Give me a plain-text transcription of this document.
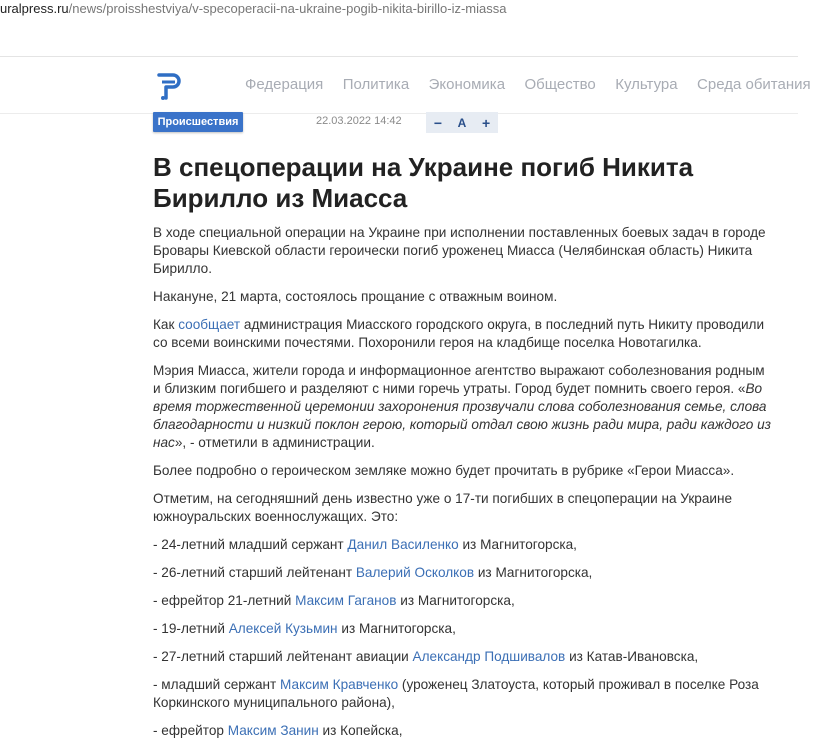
uralpress.ru/news/proisshestviya/v-specoperacii-na-ukraine-pogib-nikita-birillo-iz-miassa
Федерация Политика Экономика Общество Культура Среда обитания
Происшествия	22.03.2022 14:42 − A +
В спецоперации на Украине погиб Никита Бирилло из Миасса

В ходе специальной операции на Украине при исполнении поставленных боевых задач в городе Бровары Киевской области героически погиб уроженец Миасса (Челябинская область) Никита Бирилло.

Накануне, 21 марта, состоялось прощание с отважным воином.

Как сообщает администрация Миасского городского округа, в последний путь Никиту проводили со всеми воинскими почестями. Похоронили героя на кладбище поселка Новотагилка.

Мэрия Миасса, жители города и информационное агентство выражают соболезнования родным и близким погибшего и разделяют с ними горечь утраты. Город будет помнить своего героя. «Во время торжественной церемонии захоронения прозвучали слова соболезнования семье, слова благодарности и низкий поклон герою, который отдал свою жизнь ради мира, ради каждого из нас», - отметили в администрации.

Более подробно о героическом земляке можно будет прочитать в рубрике «Герои Миасса».

Отметим, на сегодняшний день известно уже о 17-ти погибших в спецоперации на Украине южноуральских военнослужащих. Это:

- 24-летний младший сержант Данил Василенко из Магнитогорска,

- 26-летний старший лейтенант Валерий Осколков из Магнитогорска,

- ефрейтор 21-летний Максим Гаганов из Магнитогорска,

- 19-летний Алексей Кузьмин из Магнитогорска,

- 27-летний старший лейтенант авиации Александр Подшивалов из Катав-Ивановска,

- младший сержант Максим Кравченко (уроженец Златоуста, который проживал в поселке Роза Коркинского муниципального района),

- ефрейтор Максим Занин из Копейска,
